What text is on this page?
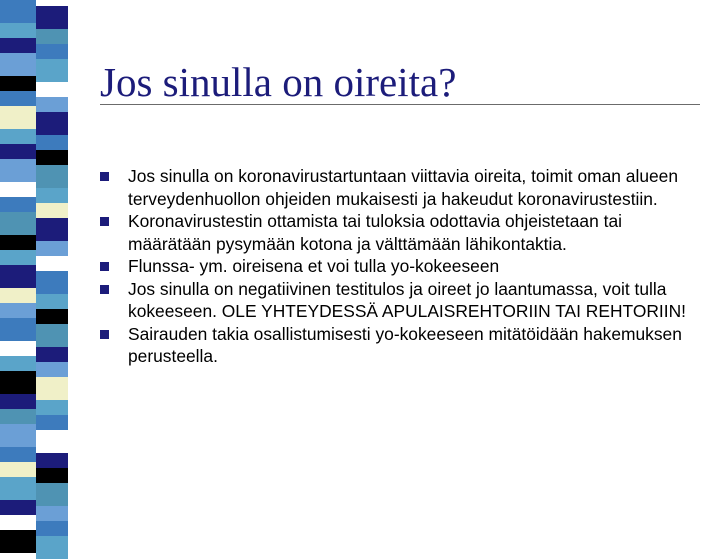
Jos sinulla on oireita?
Jos sinulla on koronavirustartuntaan viittavia oireita, toimit oman alueen terveydenhuollon ohjeiden mukaisesti ja hakeudut koronavirustestiin.
Koronavirustestin ottamista tai tuloksia odottavia ohjeistetaan tai määrätään pysymään kotona ja välttämään lähikontaktia.
Flunssa- ym. oireisena et voi tulla yo-kokeeseen
Jos sinulla on negatiivinen testitulos ja oireet jo laantumassa, voit tulla kokeeseen. OLE YHTEYDESSÄ APULAISREHTORIIN TAI REHTORIIN!
Sairauden takia osallistumisesti yo-kokeeseen mitätöidään hakemuksen perusteella.
